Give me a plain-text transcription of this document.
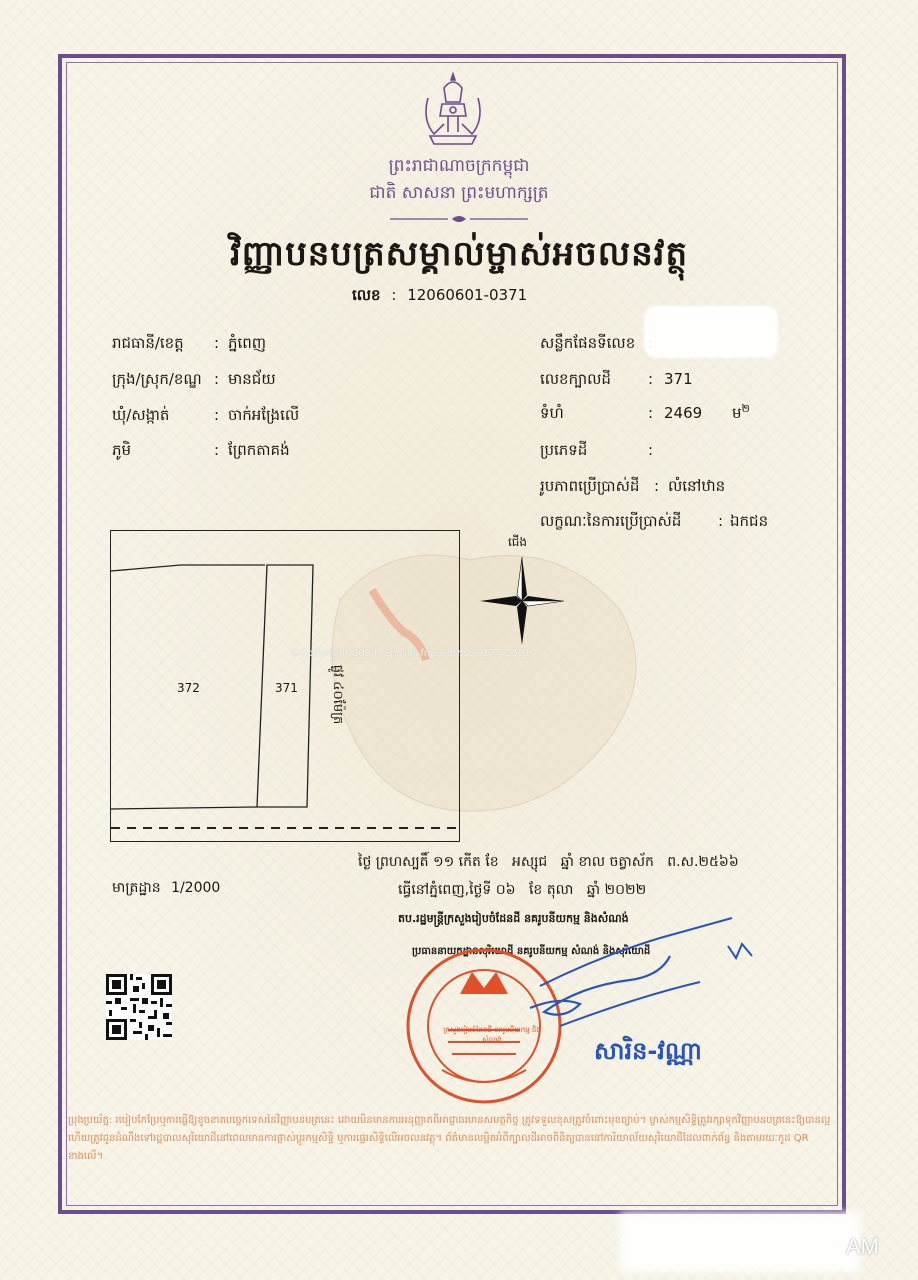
ព្រះរាជាណាចក្រកម្ពុជា
ជាតិ សាសនា ព្រះមហាក្សត្រ
វិញ្ញាបនបត្រសម្គាល់ម្ចាស់អចលនវត្ថុ
លេខ : 12060601-0371
រាជធានី/ខេត្ត : ភ្នំពេញ
ក្រុង/ស្រុក/ខណ្ឌ : មានជ័យ
ឃុំ/សង្កាត់	: ចាក់អង្រែលើ
ភូមិ	: ព្រែកតាគង់
សន្លឹកផែនទីលេខ
លេខក្បាលដី : 371
ទំហំ	: 2469 ម$^២$
ប្រភេទដី	:
រូបភាពប្រើប្រាស់ដី : លំនៅឋាន
លក្ខណៈនៃការប្រើប្រាស់ដី : ឯកជន
372	371 ផ្លូវ ៤០ម៉ែត្រ
©Copyright 2014, Sprhut.fmsv.dmsv.0177 2501
ជើង
មាត្រដ្ឋាន 1/2000
ថ្ងៃ ព្រហស្បតិ៍ ១១ កើត ខែ   អស្សុជ   ឆ្នាំ ខាល ចត្វាស័ក   ព.ស.២៥៦៦
ធ្វើនៅភ្នំពេញ,ថ្ងៃទី ០៦   ខែ តុលា   ឆ្នាំ ២០២២
តប.រដ្ឋមន្ត្រីក្រសួងរៀបចំដែនដី នគរូបនីយកម្ម និងសំណង់
ប្រធាននាយកដ្ឋានសុរិយោដី នគរូបនីយកម្ម សំណង់ និងសុរិយោដី
ក្រសួងរៀបចំដែនដី នគរូបនីយកម្ម និងសំណង់	សារិន-វណ្ណា
ប្រុងប្រយ័ត្ន: របៀបកែប្រែឬការធ្វើឱ្យខូចខាតបច្ចេកទេសនៃវិញ្ញាបនបត្រនេះ ដោយមិនមានការអនុញ្ញាតពីអាជ្ញាធរមានសមត្ថកិច្ច ត្រូវទទួលខុសត្រូវចំពោះមុខច្បាប់។ ម្ចាស់កម្មសិទ្ធិត្រូវរក្សាទុកវិញ្ញាបនបត្រនេះឱ្យបានល្អ ហើយត្រូវជូនដំណឹងទៅរដ្ឋបាលសុរិយោដីនៅពេលមានការផ្លាស់ប្តូរកម្មសិទ្ធិ ឬការផ្ទេរសិទ្ធិលើអចលនវត្ថុ។ ព័ត៌មានលម្អិតអំពីក្បាលដីអាចពិនិត្យបាននៅការិយាល័យសុរិយោដីដែលពាក់ព័ន្ធ និងតាមរយៈកូដ QR ខាងលើ។
AM
